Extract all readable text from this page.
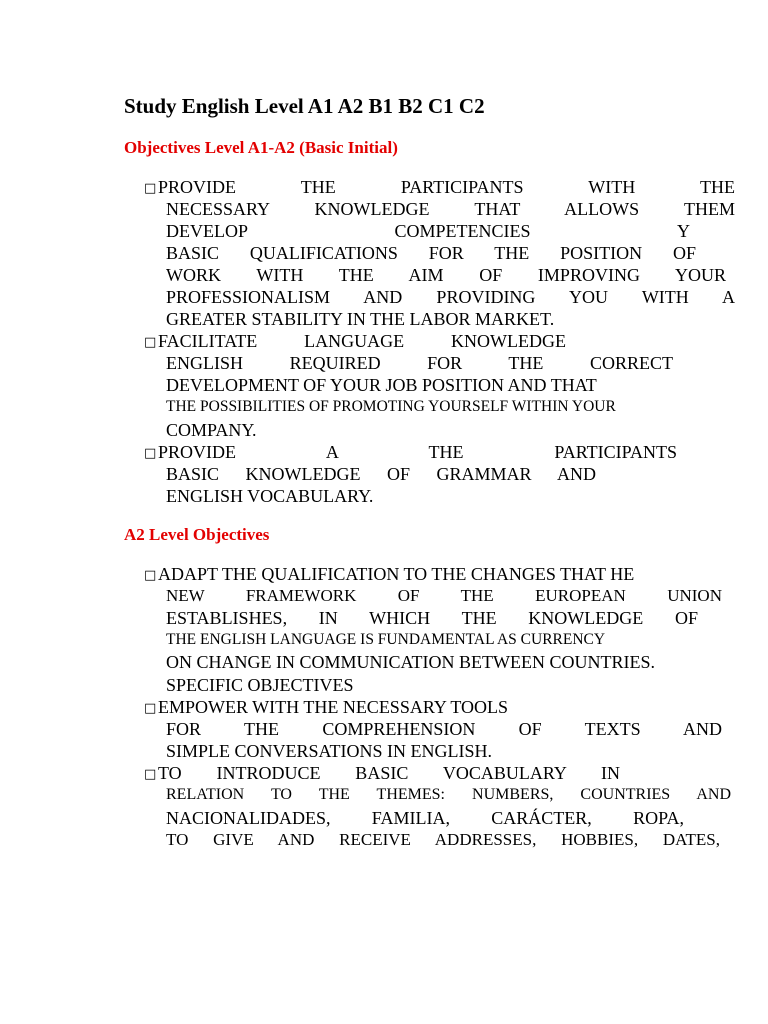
Study English Level A1 A2 B1 B2 C1 C2
Objectives Level A1-A2 (Basic Initial)
□PROVIDE THE PARTICIPANTS WITH THE
NECESSARY KNOWLEDGE THAT ALLOWS THEM
DEVELOP COMPETENCIES Y
BASIC QUALIFICATIONS FOR THE POSITION OF
WORK WITH THE AIM OF IMPROVING YOUR
PROFESSIONALISM AND PROVIDING YOU WITH A
GREATER STABILITY IN THE LABOR MARKET.
□FACILITATE LANGUAGE KNOWLEDGE
ENGLISH REQUIRED FOR THE CORRECT
DEVELOPMENT OF YOUR JOB POSITION AND THAT
THE POSSIBILITIES OF PROMOTING YOURSELF WITHIN YOUR
COMPANY.
□PROVIDE A THE PARTICIPANTS
BASIC KNOWLEDGE OF GRAMMAR AND
ENGLISH VOCABULARY.
A2 Level Objectives
□ADAPT THE QUALIFICATION TO THE CHANGES THAT HE
NEW FRAMEWORK OF THE EUROPEAN UNION
ESTABLISHES, IN WHICH THE KNOWLEDGE OF
THE ENGLISH LANGUAGE IS FUNDAMENTAL AS CURRENCY
ON CHANGE IN COMMUNICATION BETWEEN COUNTRIES.
SPECIFIC OBJECTIVES
□EMPOWER WITH THE NECESSARY TOOLS
FOR THE COMPREHENSION OF TEXTS AND
SIMPLE CONVERSATIONS IN ENGLISH.
□TO INTRODUCE BASIC VOCABULARY IN
RELATION TO THE THEMES: NUMBERS, COUNTRIES AND
NACIONALIDADES, FAMILIA, CARÁCTER, ROPA,
TO GIVE AND RECEIVE ADDRESSES, HOBBIES, DATES,
